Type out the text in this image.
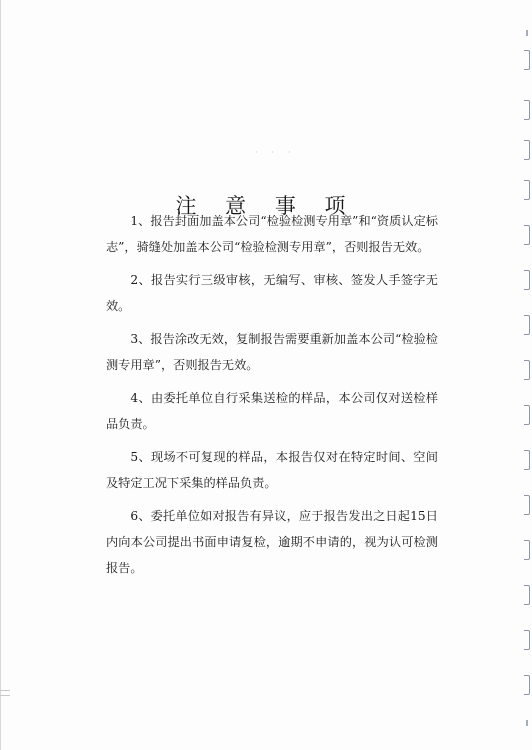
···
注 意 事 项

1、报告封面加盖本公司“检验检测专用章”和“资质认定标志”，骑缝处加盖本公司“检验检测专用章”，否则报告无效。

2、报告实行三级审核，无编写、审核、签发人手签字无效。

3、报告涂改无效，复制报告需要重新加盖本公司“检验检测专用章”，否则报告无效。

4、由委托单位自行采集送检的样品，本公司仅对送检样品负责。

5、现场不可复现的样品，本报告仅对在特定时间、空间及特定工况下采集的样品负责。

6、委托单位如对报告有异议，应于报告发出之日起15日内向本公司提出书面申请复检，逾期不申请的，视为认可检测报告。
